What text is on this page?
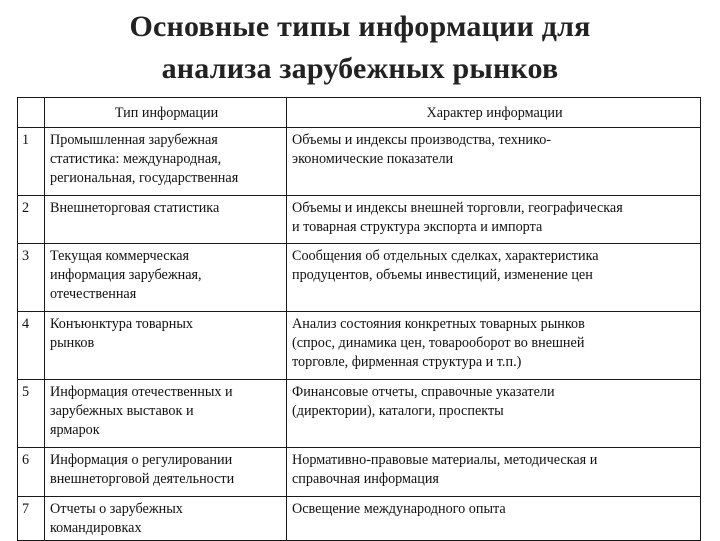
Основные типы информации для
анализа зарубежных рынков
	Тип информации	Характер информации
1	Промышленная зарубежная
статистика: международная,
региональная, государственная	Объемы и индексы производства, технико-
экономические показатели

2	Внешнеторговая статистика	Объемы и индексы внешней торговли, географическая
и товарная структура экспорта и импорта

3	Текущая коммерческая
информация зарубежная,
отечественная	Сообщения об отдельных сделках, характеристика
продуцентов, объемы инвестиций, изменение цен

4	Конъюнктура товарных
рынков	Анализ состояния конкретных товарных рынков
(спрос, динамика цен, товарооборот во внешней
торговле, фирменная структура и т.п.)

5	Информация отечественных и
зарубежных выставок и
ярмарок	Финансовые отчеты, справочные указатели
(директории), каталоги, проспекты

6	Информация о регулировании
внешнеторговой деятельности	Нормативно-правовые материалы, методическая и
справочная информация

7	Отчеты о зарубежных
командировках	Освещение международного опыта
